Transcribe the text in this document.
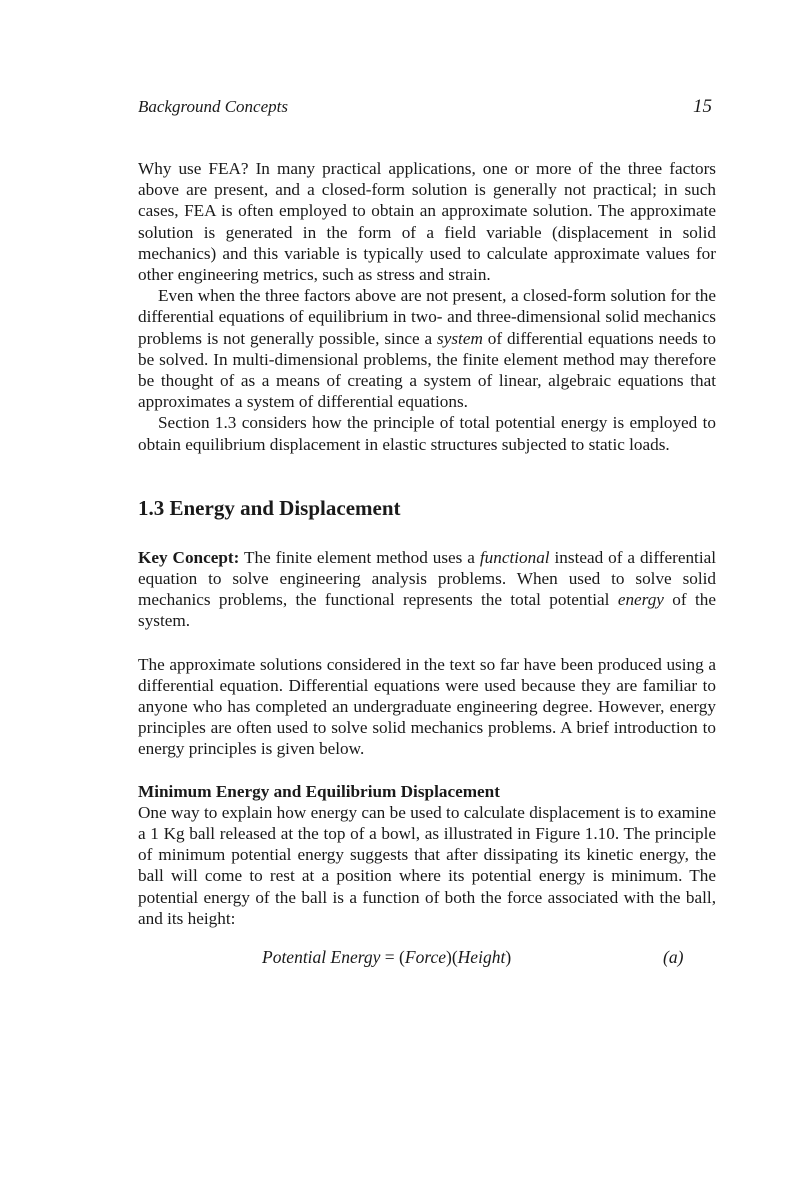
Background Concepts	15

Why use FEA? In many practical applications, one or more of the three factors above are present, and a closed-form solution is generally not practical; in such cases, FEA is often employed to obtain an approximate solution. The approximate solution is generated in the form of a field variable (displacement in solid mechanics) and this variable is typically used to calculate approximate values for other engineering metrics, such as stress and strain.

Even when the three factors above are not present, a closed-form solution for the differential equations of equilibrium in two- and three-dimensional solid mechanics problems is not generally possible, since a system of differential equations needs to be solved. In multi-dimensional problems, the finite element method may therefore be thought of as a means of creating a system of linear, algebraic equations that approximates a system of differential equations.

Section 1.3 considers how the principle of total potential energy is employed to obtain equilibrium displacement in elastic structures subjected to static loads.

1.3 Energy and Displacement

Key Concept: The finite element method uses a functional instead of a differential equation to solve engineering analysis problems. When used to solve solid mechanics problems, the functional represents the total potential energy of the system.

The approximate solutions considered in the text so far have been produced using a differential equation. Differential equations were used because they are familiar to anyone who has completed an undergraduate engineering degree. However, energy principles are often used to solve solid mechanics problems. A brief introduction to energy principles is given below.

Minimum Energy and Equilibrium Displacement

One way to explain how energy can be used to calculate displacement is to examine a 1 Kg ball released at the top of a bowl, as illustrated in Figure 1.10. The principle of minimum potential energy suggests that after dissipating its kinetic energy, the ball will come to rest at a position where its potential energy is minimum. The potential energy of the ball is a function of both the force associated with the ball, and its height:

Potential Energy = (Force)(Height)	(a)
